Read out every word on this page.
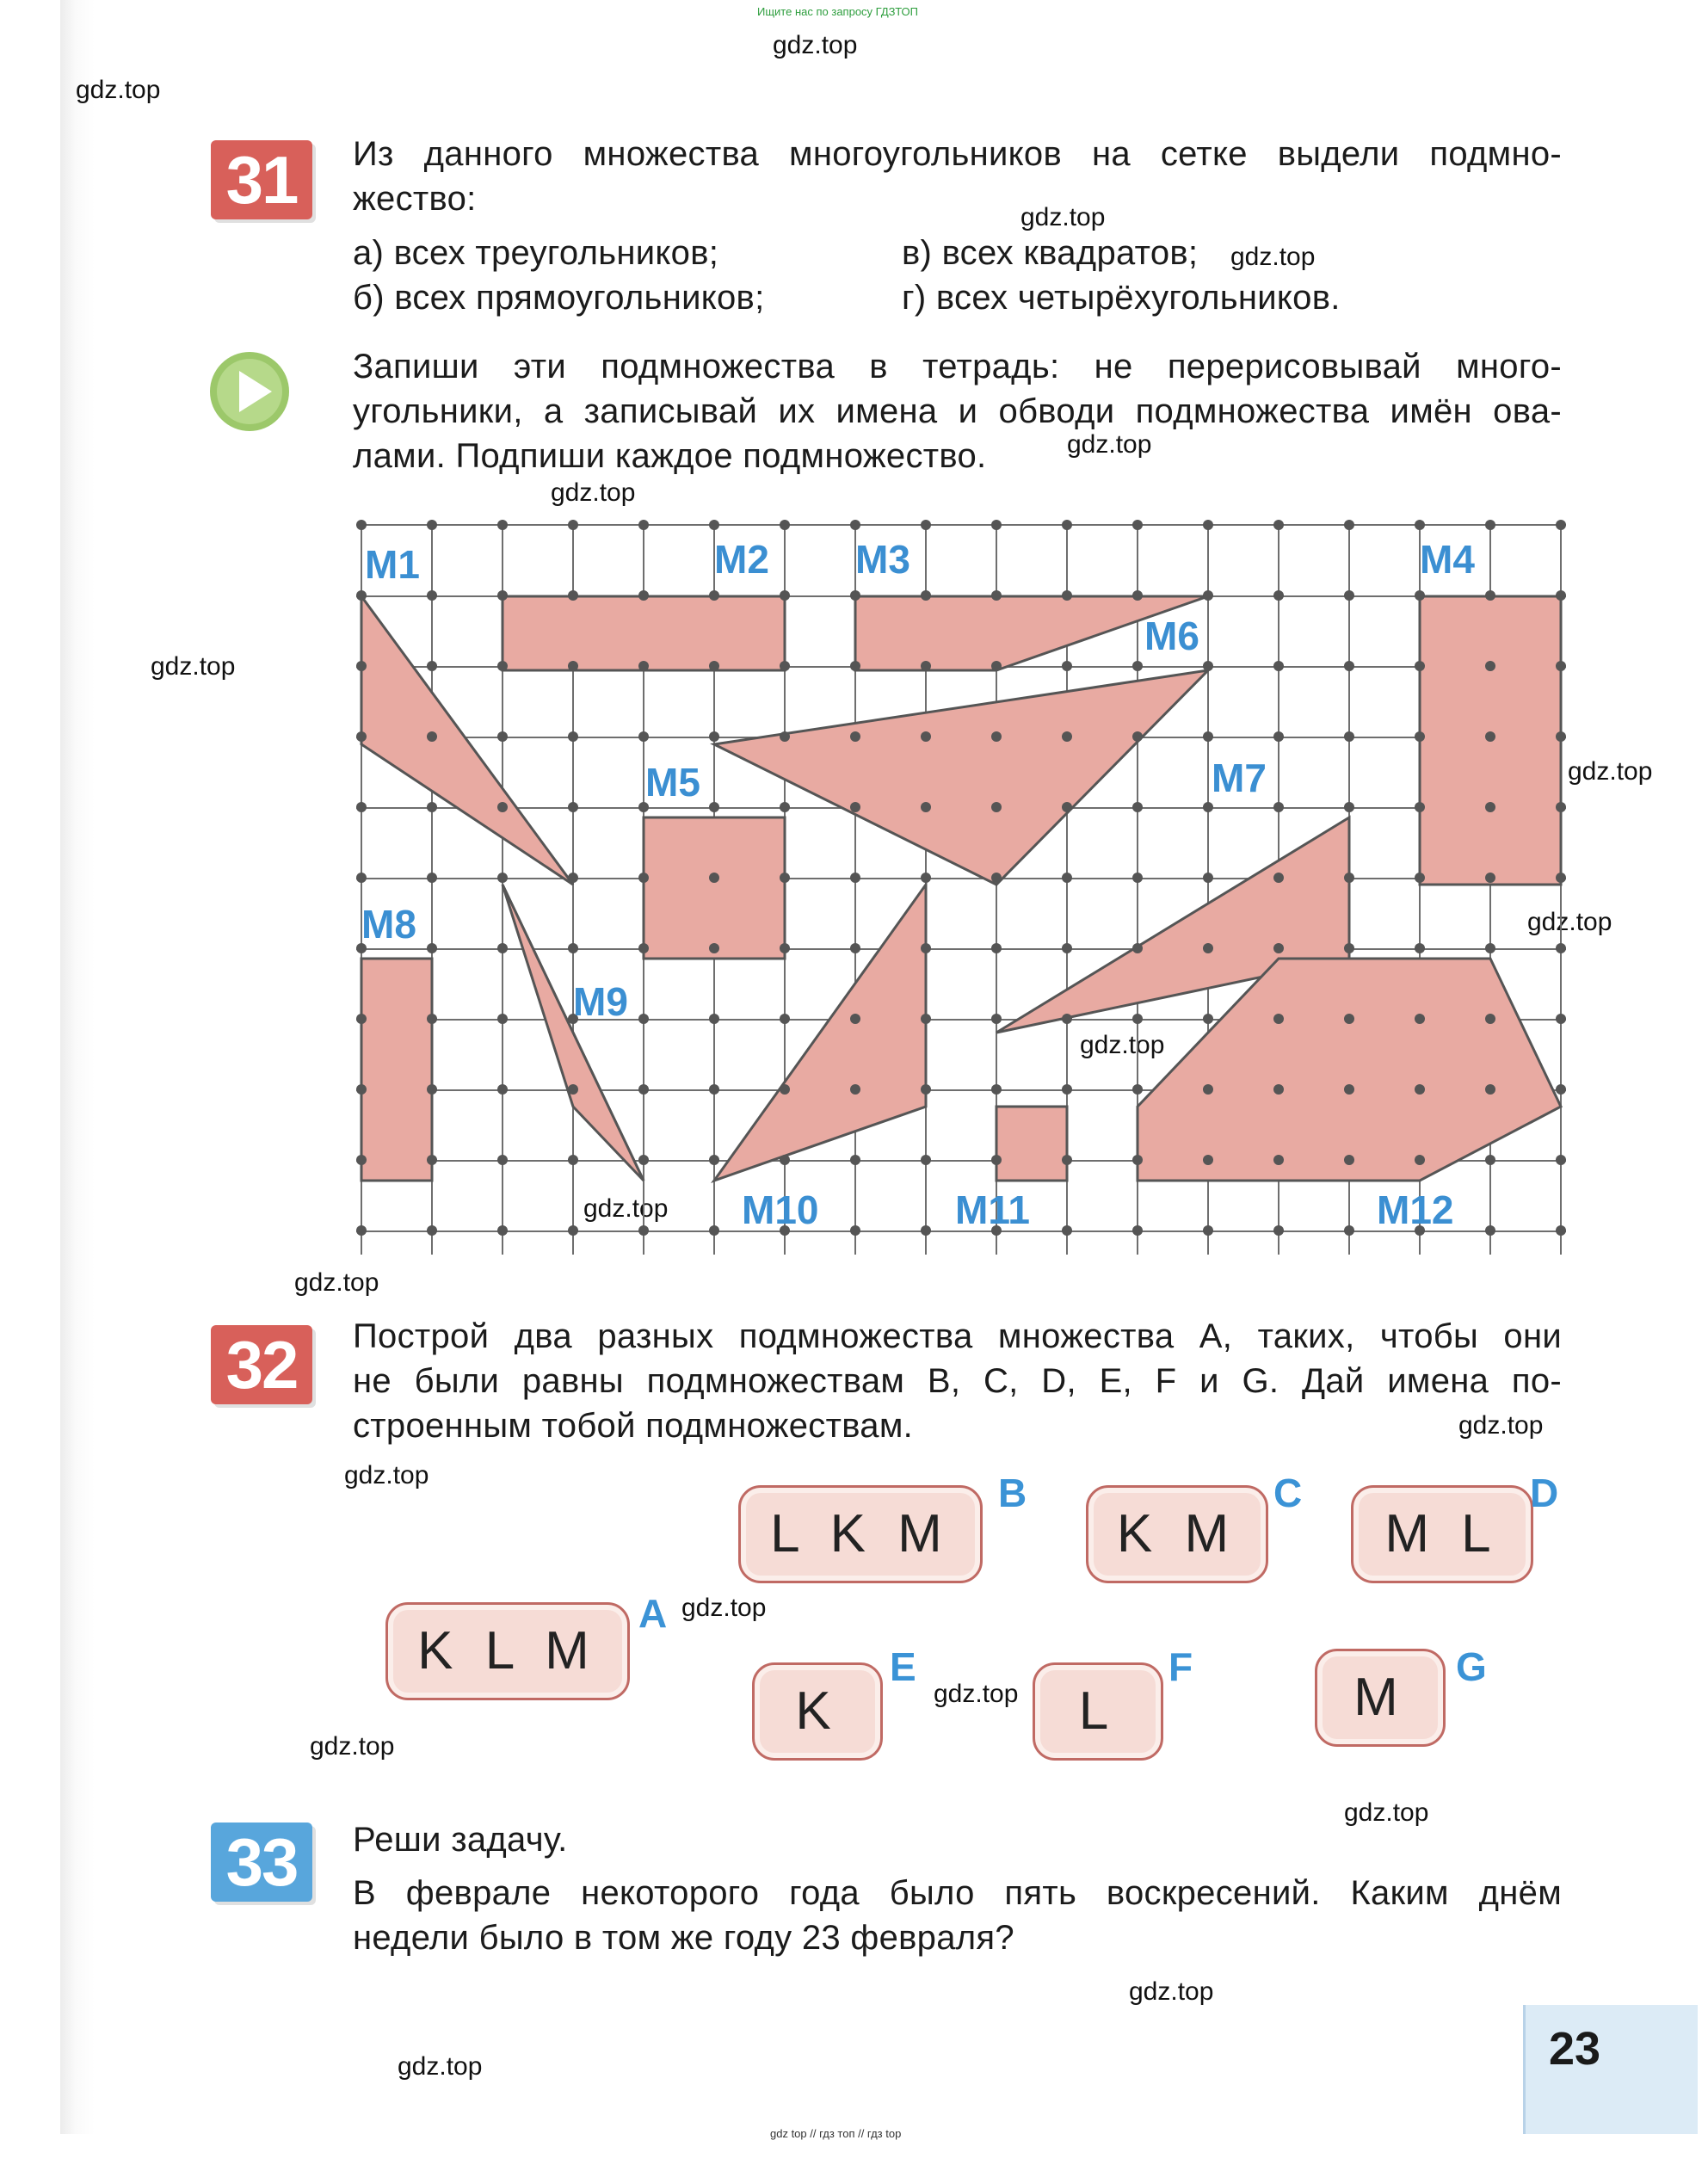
Ищите нас по запросу ГДЗТОП
gdz.top
gdz.top
gdz.top
gdz.top
gdz.top
gdz.top
gdz.top
gdz.top
gdz.top
gdz.top
gdz.top
gdz.top
gdz.top
gdz.top
gdz.top
gdz.top
gdz.top
gdz.top
gdz.top
gdz.top
gdz top // гдз топ // гдз top
31	Из данного множества многоугольников на сетке выдели подмно-
жество:
а) всех треугольников;
б) всех прямоугольников;
в) всех квадратов;
г) всех четырёхугольников.
Запиши эти подмножества в тетрадь: не перерисовывай много-
угольники, а записывай их имена и обводи подмножества имён ова-
лами. Подпиши каждое подмножество.
M1	M2 M3	M4
M5
M6
M7
M8
M9
M10	M11	M12
32	Построй два разных подмножества множества А, таких, чтобы они
не были равны подмножествам B, C, D, E, F и G. Дай имена по-
строенным тобой подмножествам.
K L M
A
L K M
B
K M
C
M L
D
K
E
L
F
M
G
33	Реши задачу.
В феврале некоторого года было пять воскресений. Каким днём
недели было в том же году 23 февраля?
23
